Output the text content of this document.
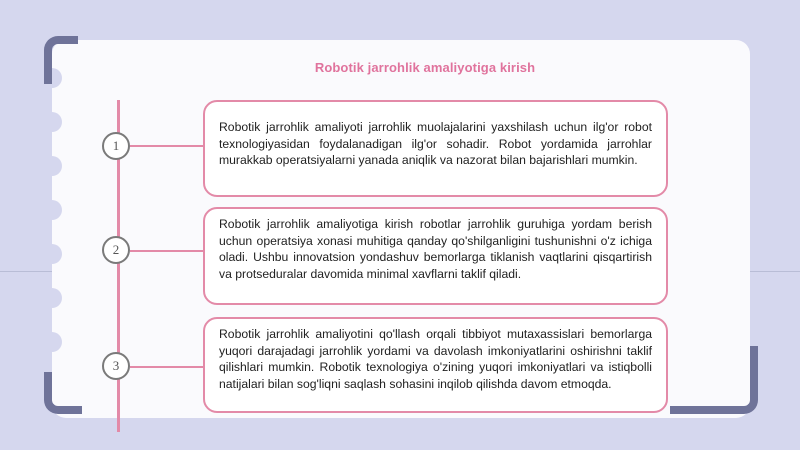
Robotik jarrohlik amaliyotiga kirish
1
Robotik jarrohlik amaliyoti jarrohlik muolajalarini yaxshilash uchun ilg'or robot texnologiyasidan foydalanadigan ilg'or sohadir. Robot yordamida jarrohlar murakkab operatsiyalarni yanada aniqlik va nazorat bilan bajarishlari mumkin.
2
Robotik jarrohlik amaliyotiga kirish robotlar jarrohlik guruhiga yordam berish uchun operatsiya xonasi muhitiga qanday qo'shilganligini tushunishni o'z ichiga oladi. Ushbu innovatsion yondashuv bemorlarga tiklanish vaqtlarini qisqartirish va protseduralar davomida minimal xavflarni taklif qiladi.
3
Robotik jarrohlik amaliyotini qo'llash orqali tibbiyot mutaxassislari bemorlarga yuqori darajadagi jarrohlik yordami va davolash imkoniyatlarini oshirishni taklif qilishlari mumkin. Robotik texnologiya o'zining yuqori imkoniyatlari va istiqbolli natijalari bilan sog'liqni saqlash sohasini inqilob qilishda davom etmoqda.
